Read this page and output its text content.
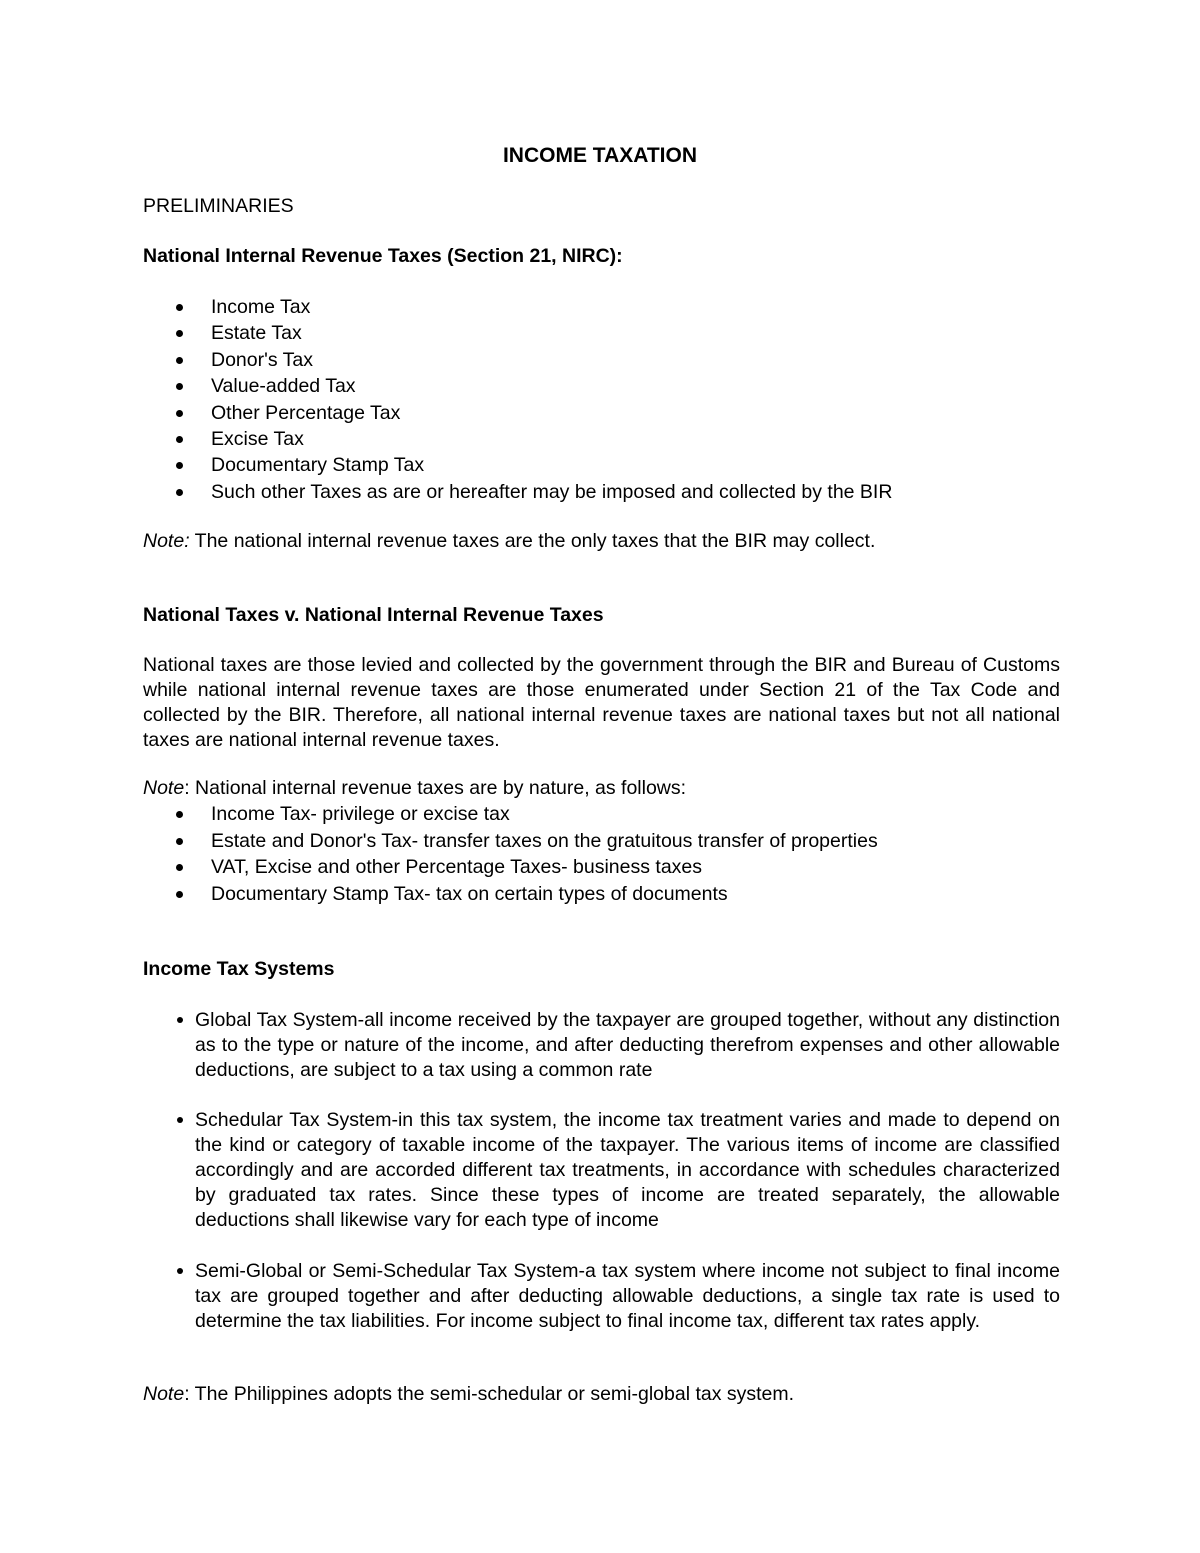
INCOME TAXATION

PRELIMINARIES

National Internal Revenue Taxes (Section 21, NIRC):

Income Tax
Estate Tax
Donor's Tax
Value-added Tax
Other Percentage Tax
Excise Tax
Documentary Stamp Tax
Such other Taxes as are or hereafter may be imposed and collected by the BIR

Note: The national internal revenue taxes are the only taxes that the BIR may collect.

National Taxes v. National Internal Revenue Taxes

National taxes are those levied and collected by the government through the BIR and Bureau of Customs while national internal revenue taxes are those enumerated under Section 21 of the Tax Code and collected by the BIR. Therefore, all national internal revenue taxes are national taxes but not all national taxes are national internal revenue taxes.

Note: National internal revenue taxes are by nature, as follows:

Income Tax- privilege or excise tax
Estate and Donor's Tax- transfer taxes on the gratuitous transfer of properties
VAT, Excise and other Percentage Taxes- business taxes
Documentary Stamp Tax- tax on certain types of documents

Income Tax Systems

Global Tax System-all income received by the taxpayer are grouped together, without any distinction as to the type or nature of the income, and after deducting therefrom expenses and other allowable deductions, are subject to a tax using a common rate

Schedular Tax System-in this tax system, the income tax treatment varies and made to depend on the kind or category of taxable income of the taxpayer. The various items of income are classified accordingly and are accorded different tax treatments, in accordance with schedules characterized by graduated tax rates. Since these types of income are treated separately, the allowable deductions shall likewise vary for each type of income

Semi-Global or Semi-Schedular Tax System-a tax system where income not subject to final income tax are grouped together and after deducting allowable deductions, a single tax rate is used to determine the tax liabilities. For income subject to final income tax, different tax rates apply.

Note: The Philippines adopts the semi-schedular or semi-global tax system.
